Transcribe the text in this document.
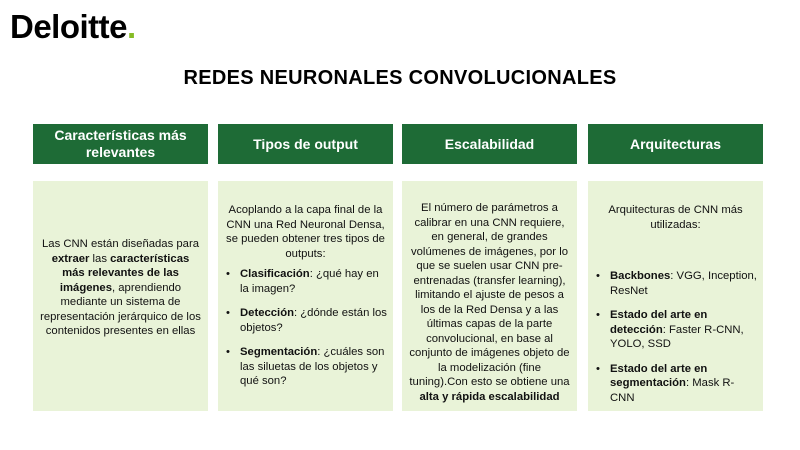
Deloitte.
REDES NEURONALES CONVOLUCIONALES
Características más relevantes
Tipos de output	Escalabilidad	Arquitecturas
Las CNN están diseñadas para extraer las características más relevantes de las imágenes, aprendiendo mediante un sistema de representación jerárquico de los contenidos presentes en ellas
Acoplando a la capa final de la CNN una Red Neuronal Densa, se pueden obtener tres tipos de outputs:
• Clasificación: ¿qué hay en la imagen?
• Detección: ¿dónde están los objetos?
• Segmentación: ¿cuáles son las siluetas de los objetos y qué son?
El número de parámetros a calibrar en una CNN requiere, en general, de grandes volúmenes de imágenes, por lo que se suelen usar CNN pre-entrenadas (transfer learning), limitando el ajuste de pesos a los de la Red Densa y a las últimas capas de la parte convolucional, en base al conjunto de imágenes objeto de la modelización (fine tuning).Con esto se obtiene una alta y rápida escalabilidad
Arquitecturas de CNN más utilizadas:
• Backbones: VGG, Inception, ResNet
• Estado del arte en detección: Faster R-CNN, YOLO, SSD
• Estado del arte en segmentación: Mask R-CNN
